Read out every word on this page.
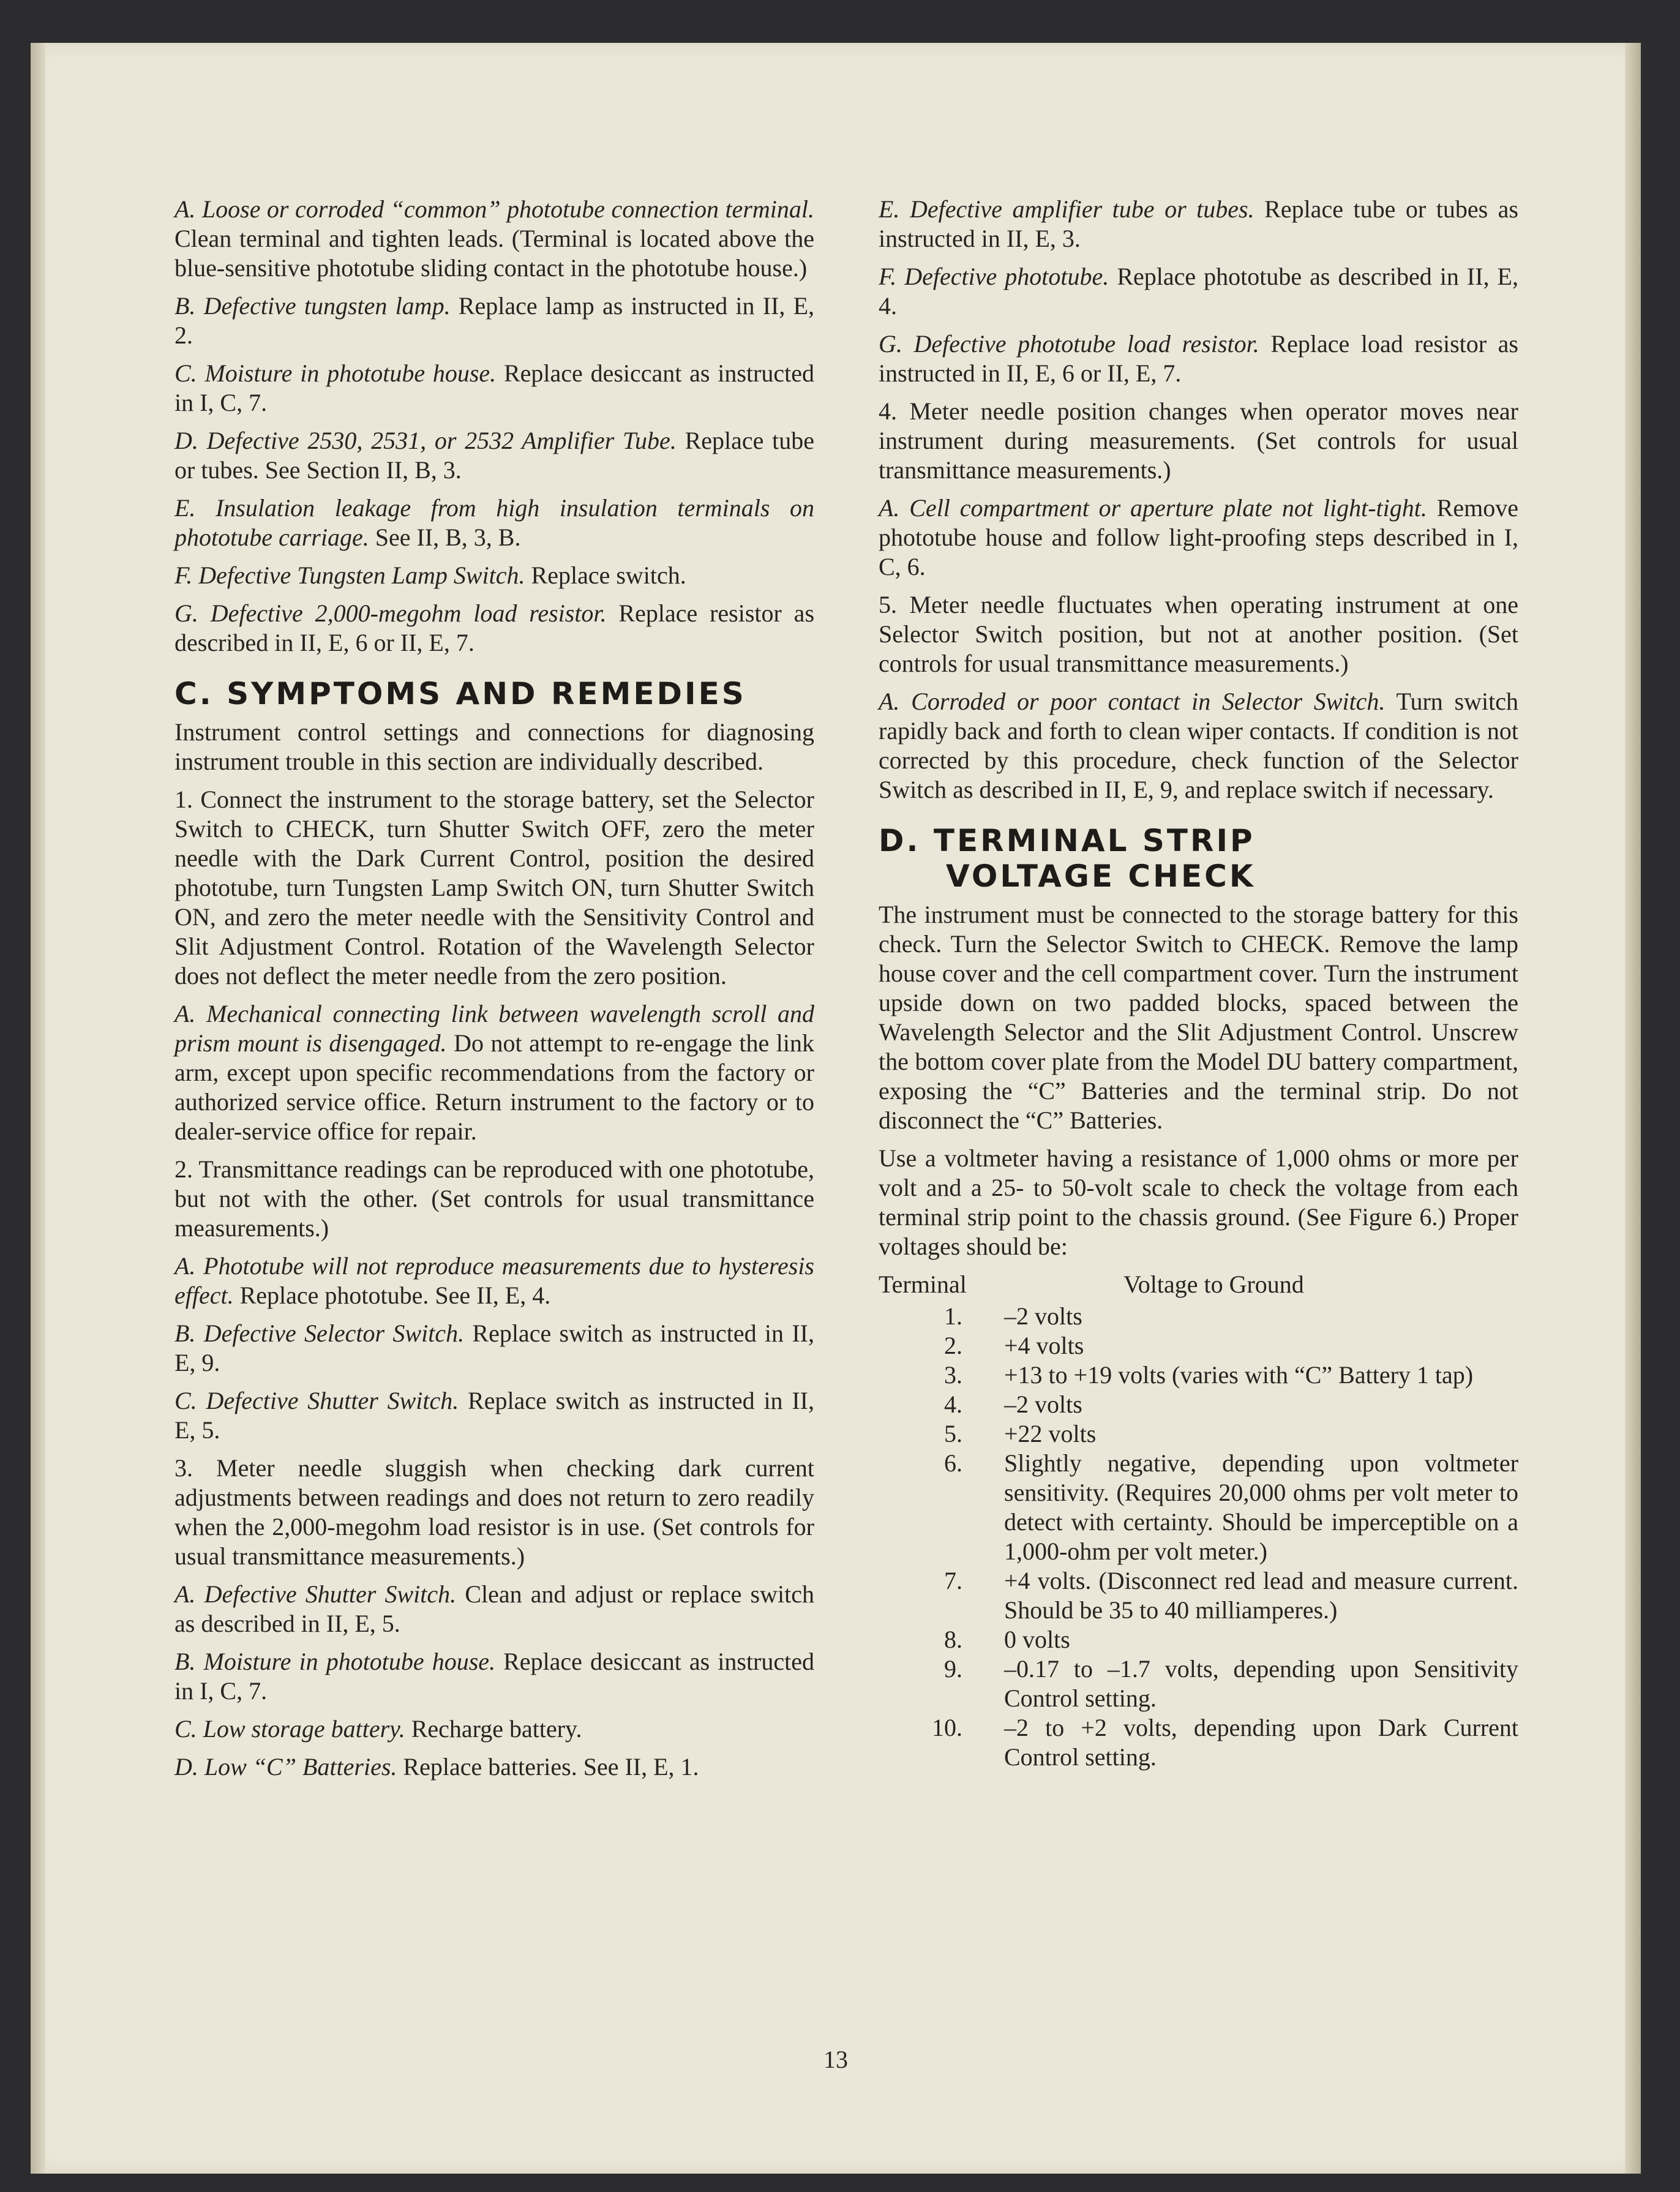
A. Loose or corroded “common” phototube connection terminal. Clean terminal and tighten leads. (Terminal is located above the blue-sensitive phototube sliding contact in the phototube house.)

B. Defective tungsten lamp. Replace lamp as instructed in II, E, 2.

C. Moisture in phototube house. Replace desiccant as instructed in I, C, 7.

D. Defective 2530, 2531, or 2532 Amplifier Tube. Replace tube or tubes. See Section II, B, 3.

E. Insulation leakage from high insulation terminals on phototube carriage. See II, B, 3, B.

F. Defective Tungsten Lamp Switch. Replace switch.

G. Defective 2,000-megohm load resistor. Replace resistor as described in II, E, 6 or II, E, 7.

C. SYMPTOMS AND REMEDIES

Instrument control settings and connections for diagnosing instrument trouble in this section are individually described.

1. Connect the instrument to the storage battery, set the Selector Switch to CHECK, turn Shutter Switch OFF, zero the meter needle with the Dark Current Control, position the desired phototube, turn Tungsten Lamp Switch ON, turn Shutter Switch ON, and zero the meter needle with the Sensitivity Control and Slit Adjustment Control. Rotation of the Wavelength Selector does not deflect the meter needle from the zero position.

A. Mechanical connecting link between wavelength scroll and prism mount is disengaged. Do not attempt to re-engage the link arm, except upon specific recommendations from the factory or authorized service office. Return instrument to the factory or to dealer-service office for repair.

2. Transmittance readings can be reproduced with one phototube, but not with the other. (Set controls for usual transmittance measurements.)

A. Phototube will not reproduce measurements due to hysteresis effect. Replace phototube. See II, E, 4.

B. Defective Selector Switch. Replace switch as instructed in II, E, 9.

C. Defective Shutter Switch. Replace switch as instructed in II, E, 5.

3. Meter needle sluggish when checking dark current adjustments between readings and does not return to zero readily when the 2,000-megohm load resistor is in use. (Set controls for usual transmittance measurements.)

A. Defective Shutter Switch. Clean and adjust or replace switch as described in II, E, 5.

B. Moisture in phototube house. Replace desiccant as instructed in I, C, 7.

C. Low storage battery. Recharge battery.

D. Low “C” Batteries. Replace batteries. See II, E, 1.

E. Defective amplifier tube or tubes. Replace tube or tubes as instructed in II, E, 3.

F. Defective phototube. Replace phototube as described in II, E, 4.

G. Defective phototube load resistor. Replace load resistor as instructed in II, E, 6 or II, E, 7.

4. Meter needle position changes when operator moves near instrument during measurements. (Set controls for usual transmittance measurements.)

A. Cell compartment or aperture plate not light-tight. Remove phototube house and follow light-proofing steps described in I, C, 6.

5. Meter needle fluctuates when operating instrument at one Selector Switch position, but not at another position. (Set controls for usual transmittance measurements.)

A. Corroded or poor contact in Selector Switch. Turn switch rapidly back and forth to clean wiper contacts. If condition is not corrected by this procedure, check function of the Selector Switch as described in II, E, 9, and replace switch if necessary.

D. TERMINAL STRIP
VOLTAGE CHECK

The instrument must be connected to the storage battery for this check. Turn the Selector Switch to CHECK. Remove the lamp house cover and the cell compartment cover. Turn the instrument upside down on two padded blocks, spaced between the Wavelength Selector and the Slit Adjustment Control. Unscrew the bottom cover plate from the Model DU battery compartment, exposing the “C” Batteries and the terminal strip. Do not disconnect the “C” Batteries.

Use a voltmeter having a resistance of 1,000 ohms or more per volt and a 25- to 50-volt scale to check the voltage from each terminal strip point to the chassis ground. (See Figure 6.) Proper voltages should be:

Terminal	Voltage to Ground
1.	–2 volts
2.	+4 volts
3.	+13 to +19 volts (varies with “C” Battery 1 tap)
4.	–2 volts
5.	+22 volts
6.	Slightly negative, depending upon voltmeter sensitivity. (Requires 20,000 ohms per volt meter to detect with certainty. Should be imperceptible on a 1,000-ohm per volt meter.)
7.	+4 volts. (Disconnect red lead and measure current. Should be 35 to 40 milliamperes.)
8.	0 volts
9.	–0.17 to –1.7 volts, depending upon Sensitivity Control setting.
10.	–2 to +2 volts, depending upon Dark Current Control setting.
13
